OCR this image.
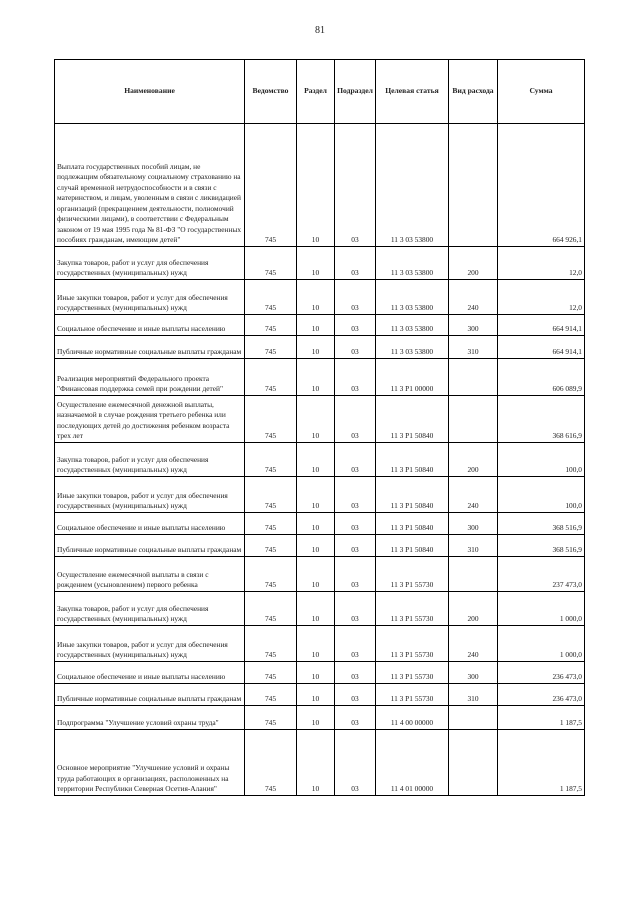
81
Наименование	Ведомство	Раздел	Подраздел	Целевая статья	Вид расхода	Сумма
Выплата государственных пособий лицам, не подлежащим обязательному социальному страхованию на случай временной нетрудоспособности и в связи с материнством, и лицам, уволенным в связи с ликвидацией организаций (прекращением деятельности, полномочий физическими лицами), в соответствии с Федеральным законом от 19 мая 1995 года № 81-ФЗ "О государственных пособиях гражданам, имеющим детей"	745	10	03	11 3 03 53800		664 926,1
Закупка товаров, работ и услуг для обеспечения государственных (муниципальных) нужд	745	10	03	11 3 03 53800	200	12,0
Иные закупки товаров, работ и услуг для обеспечения государственных (муниципальных) нужд	745	10	03	11 3 03 53800	240	12,0
Социальное обеспечение и иные выплаты населению	745	10	03	11 3 03 53800	300	664 914,1
Публичные нормативные социальные выплаты гражданам	745	10	03	11 3 03 53800	310	664 914,1
Реализация мероприятий Федерального проекта "Финансовая поддержка семей при рождении детей"	745	10	03	11 3 P1 00000		606 089,9
Осуществление ежемесячной денежной выплаты, назначаемой в случае рождения третьего ребенка или последующих детей до достижения ребенком возраста трех лет	745	10	03	11 3 P1 50840		368 616,9
Закупка товаров, работ и услуг для обеспечения государственных (муниципальных) нужд	745	10	03	11 3 P1 50840	200	100,0
Иные закупки товаров, работ и услуг для обеспечения государственных (муниципальных) нужд	745	10	03	11 3 P1 50840	240	100,0
Социальное обеспечение и иные выплаты населению	745	10	03	11 3 P1 50840	300	368 516,9
Публичные нормативные социальные выплаты гражданам	745	10	03	11 3 P1 50840	310	368 516,9
Осуществление ежемесячной выплаты в связи с рождением (усыновлением) первого ребенка	745	10	03	11 3 P1 55730		237 473,0
Закупка товаров, работ и услуг для обеспечения государственных (муниципальных) нужд	745	10	03	11 3 P1 55730	200	1 000,0
Иные закупки товаров, работ и услуг для обеспечения государственных (муниципальных) нужд	745	10	03	11 3 P1 55730	240	1 000,0
Социальное обеспечение и иные выплаты населению	745	10	03	11 3 P1 55730	300	236 473,0
Публичные нормативные социальные выплаты гражданам	745	10	03	11 3 P1 55730	310	236 473,0
Подпрограмма "Улучшение условий охраны труда"	745	10	03	11 4 00 00000		1 187,5
Основное мероприятие "Улучшение условий и охраны труда работающих в организациях, расположенных на территории Республики Северная Осетия-Алания"	745	10	03	11 4 01 00000		1 187,5
